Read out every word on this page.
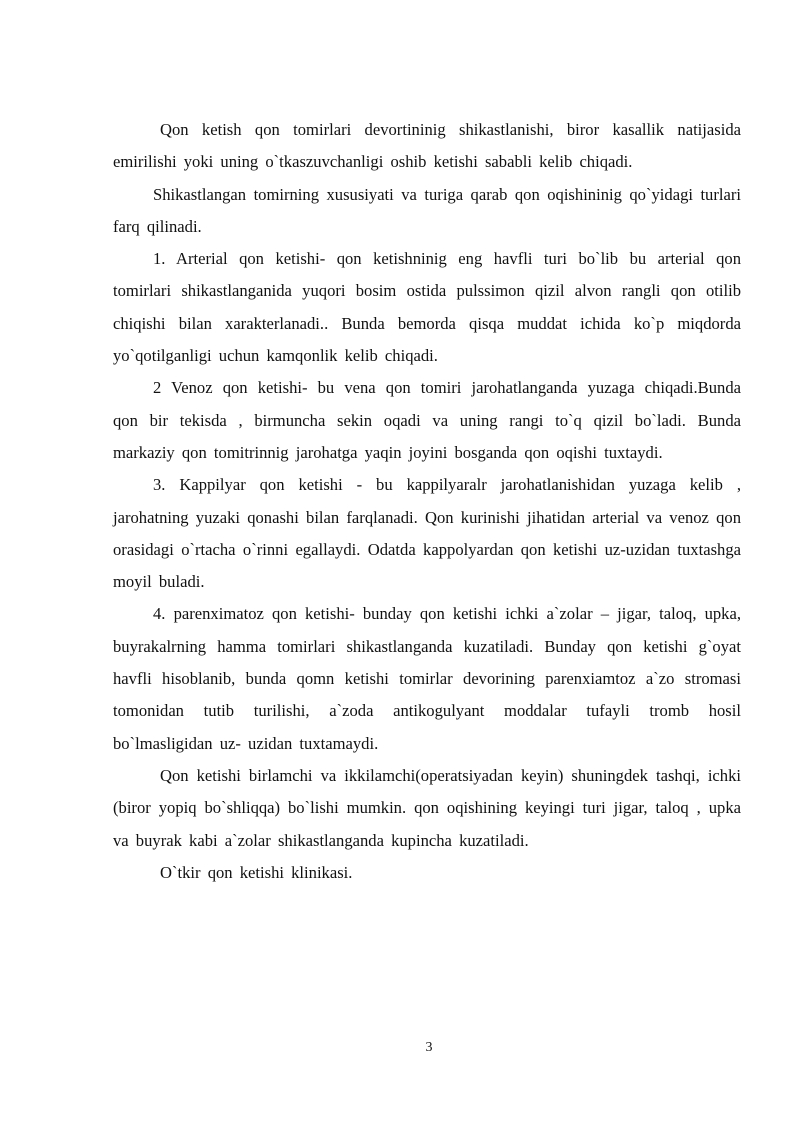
Qon ketish qon tomirlari devortininig shikastlanishi, biror kasallik natijasida emirilishi yoki uning o`tkaszuvchanligi oshib ketishi sababli kelib chiqadi.

Shikastlangan tomirning xususiyati va turiga qarab qon oqishininig qo`yidagi turlari farq qilinadi.

1. Arterial qon ketishi- qon ketishninig eng havfli turi bo`lib bu arterial qon tomirlari shikastlanganida yuqori bosim ostida pulssimon qizil alvon rangli qon otilib chiqishi bilan xarakterlanadi.. Bunda bemorda qisqa muddat ichida ko`p miqdorda yo`qotilganligi uchun kamqonlik kelib chiqadi.

2 Venoz qon ketishi- bu vena qon tomiri jarohatlanganda yuzaga chiqadi.Bunda qon bir tekisda , birmuncha sekin oqadi va uning rangi to`q qizil bo`ladi. Bunda markaziy qon tomitrinnig jarohatga yaqin joyini bosganda qon oqishi tuxtaydi.

3. Kappilyar qon ketishi - bu kappilyaralr jarohatlanishidan yuzaga kelib , jarohatning yuzaki qonashi bilan farqlanadi. Qon kurinishi jihatidan arterial va venoz qon orasidagi o`rtacha o`rinni egallaydi. Odatda kappolyardan qon ketishi uz-uzidan tuxtashga moyil buladi.

4. parenximatoz qon ketishi- bunday qon ketishi ichki a`zolar – jigar, taloq, upka, buyrakalrning hamma tomirlari shikastlanganda kuzatiladi. Bunday qon ketishi g`oyat havfli hisoblanib, bunda qomn ketishi tomirlar devorining parenxiamtoz a`zo stromasi tomonidan tutib turilishi, a`zoda antikogulyant moddalar tufayli tromb hosil bo`lmasligidan uz- uzidan tuxtamaydi.

Qon ketishi birlamchi va ikkilamchi(operatsiyadan keyin) shuningdek tashqi, ichki (biror yopiq bo`shliqqa) bo`lishi mumkin. qon oqishining keyingi turi jigar, taloq , upka va buyrak kabi a`zolar shikastlanganda kupincha kuzatiladi.

O`tkir qon ketishi klinikasi.

3
